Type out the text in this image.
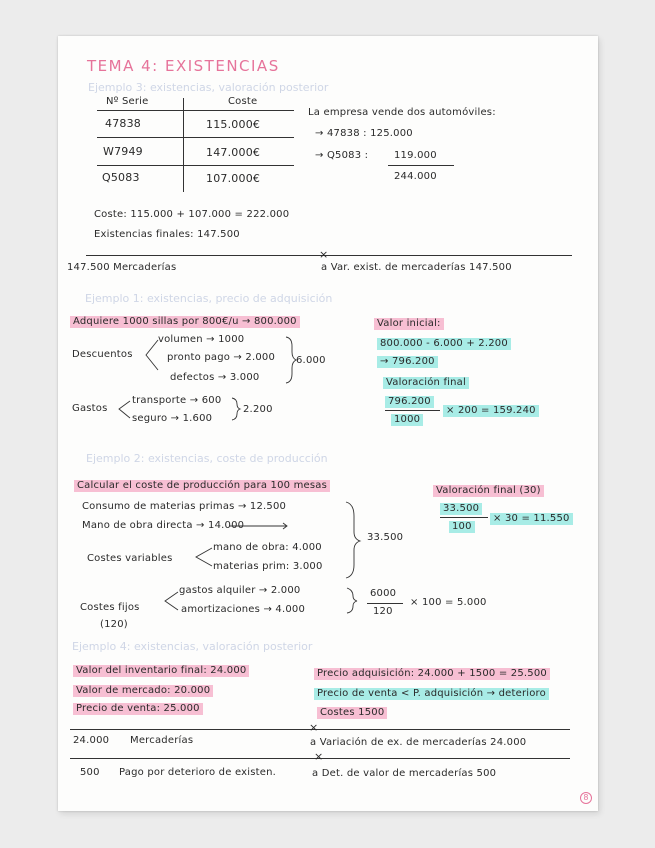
TEMA 4: EXISTENCIAS
Ejemplo 3: existencias, valoración posterior
Nº Serie	Coste
47838	115.000€
W7949	147.000€
Q5083	107.000€
La empresa vende dos automóviles:
→ 47838 : 125.000
→ Q5083 :	119.000
244.000
Coste: 115.000 + 107.000 = 222.000
Existencias finales: 147.500
×
147.500 Mercaderías	a Var. exist. de mercaderías 147.500
Ejemplo 1: existencias, precio de adquisición
Adquiere 1000 sillas por 800€/u → 800.000
Descuentos
volumen → 1000
pronto pago → 2.000
defectos → 3.000
6.000
Gastos
transporte → 600
seguro → 1.600
2.200
Valor inicial:
800.000 - 6.000 + 2.200
→ 796.200
Valoración final
796.200
1000
× 200 = 159.240
Ejemplo 2: existencias, coste de producción
Calcular el coste de producción para 100 mesas	Valoración final (30)
33.500
100
× 30 = 11.550
Consumo de materias primas → 12.500
Mano de obra directa → 14.000
Costes variables
mano de obra: 4.000
materias prim: 3.000
33.500
Costes fijos
(120)
gastos alquiler → 2.000
amortizaciones → 4.000
6000
120
× 100 = 5.000
Ejemplo 4: existencias, valoración posterior
Valor del inventario final: 24.000
Valor de mercado: 20.000
Precio de venta: 25.000
Precio adquisición: 24.000 + 1500 = 25.500
Precio de venta < P. adquisición → deterioro
Costes 1500
×
24.000 Mercaderías	a Variación de ex. de mercaderías 24.000
×
500 Pago por deterioro de existen.	a Det. de valor de mercaderías 500
8
